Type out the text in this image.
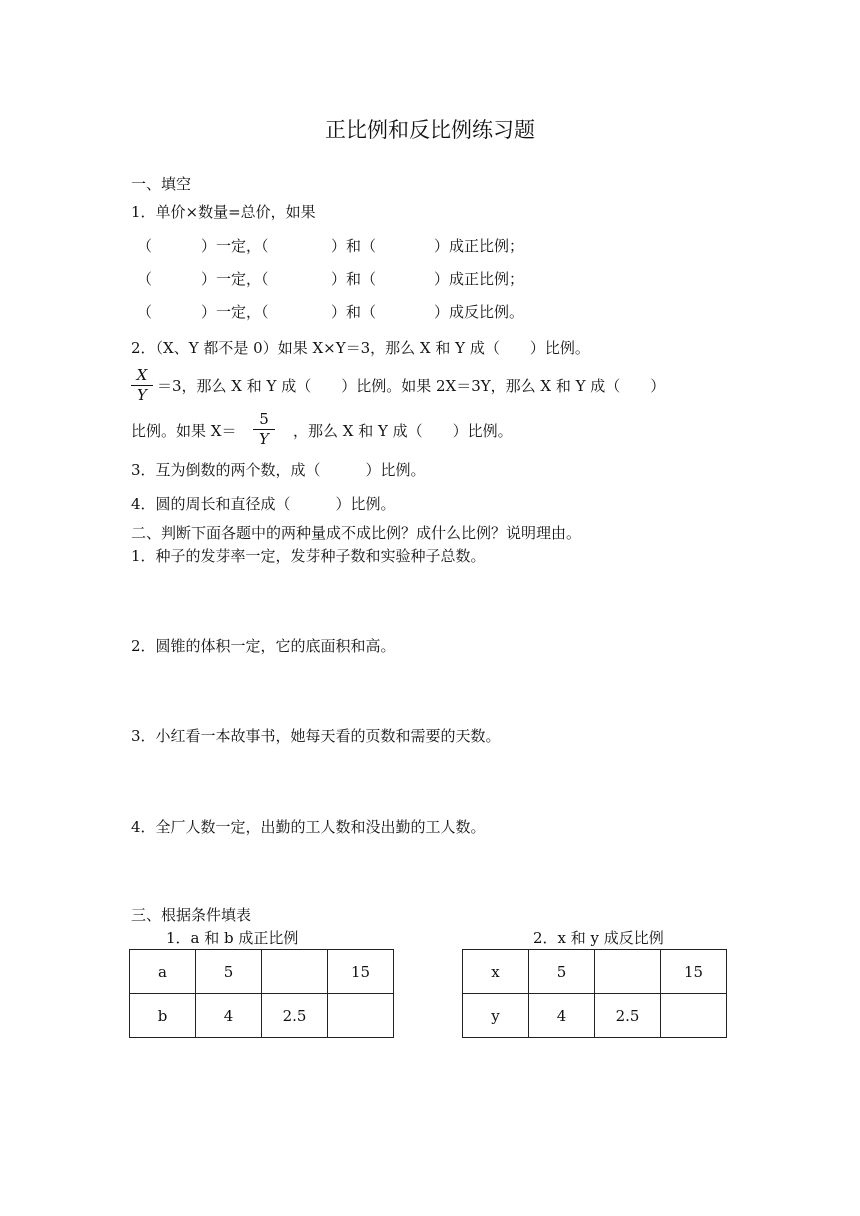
正比例和反比例练习题
一、填空
1．单价×数量=总价，如果
（	）一定，（	）和（	）成正比例；
（	）一定，（	）和（	）成正比例；
（	）一定，（	）和（	）成反比例。
2．（X、Y 都不是 0）如果 X×Y＝3，那么 X 和 Y 成（　　）比例。
$\frac{X}{Y} =3$，那么 X 和 Y 成（　　）比例。如果 2X＝3Y，那么 X 和 Y 成（　　）
比例。如果 $X= \frac{5}{Y}$ ，那么 X 和 Y 成（　　）比例。
3．互为倒数的两个数，成（　　　）比例。
4．圆的周长和直径成（　　　）比例。
二、判断下面各题中的两种量成不成比例？成什么比例？说明理由。
1．种子的发芽率一定，发芽种子数和实验种子总数。
2．圆锥的体积一定，它的底面积和高。
3．小红看一本故事书，她每天看的页数和需要的天数。
4．全厂人数一定，出勤的工人数和没出勤的工人数。
三、根据条件填表
1．a 和 b 成正比例	2．x 和 y 成反比例
a	5		15
b	4	2.5	
x	5		15
y	4	2.5	
